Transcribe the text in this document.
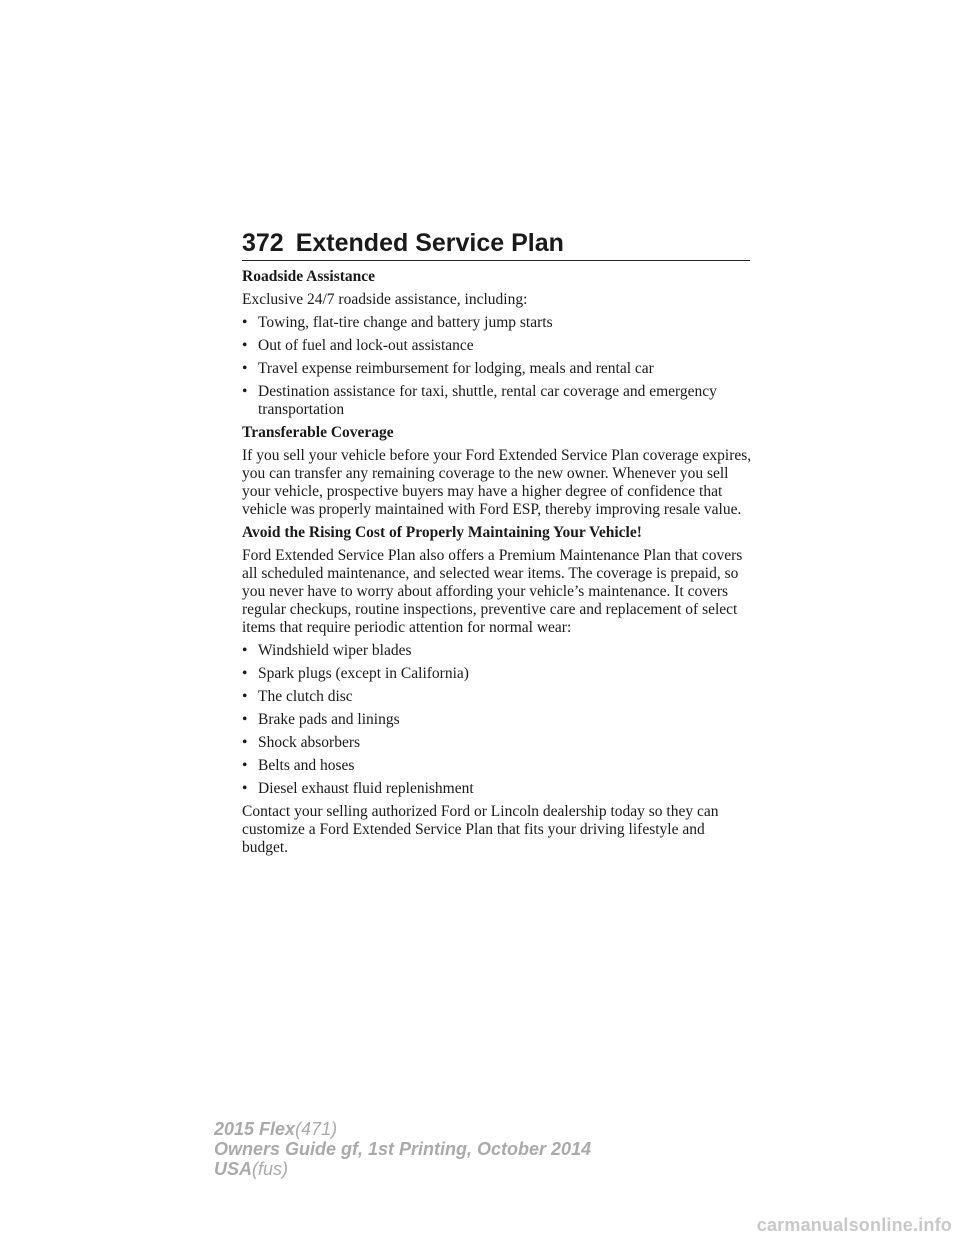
372 Extended Service Plan

Roadside Assistance

Exclusive 24/7 roadside assistance, including:

• Towing, flat-tire change and battery jump starts
• Out of fuel and lock-out assistance
• Travel expense reimbursement for lodging, meals and rental car
• Destination assistance for taxi, shuttle, rental car coverage and emergency transportation

Transferable Coverage

If you sell your vehicle before your Ford Extended Service Plan coverage expires, you can transfer any remaining coverage to the new owner. Whenever you sell your vehicle, prospective buyers may have a higher degree of confidence that vehicle was properly maintained with Ford ESP, thereby improving resale value.

Avoid the Rising Cost of Properly Maintaining Your Vehicle!

Ford Extended Service Plan also offers a Premium Maintenance Plan that covers all scheduled maintenance, and selected wear items. The coverage is prepaid, so you never have to worry about affording your vehicle’s maintenance. It covers regular checkups, routine inspections, preventive care and replacement of select items that require periodic attention for normal wear:

• Windshield wiper blades
• Spark plugs (except in California)
• The clutch disc
• Brake pads and linings
• Shock absorbers
• Belts and hoses
• Diesel exhaust fluid replenishment

Contact your selling authorized Ford or Lincoln dealership today so they can customize a Ford Extended Service Plan that fits your driving lifestyle and budget.

2015 Flex(471)
Owners Guide gf, 1st Printing, October 2014
USA(fus)
carmanualsonline.info
